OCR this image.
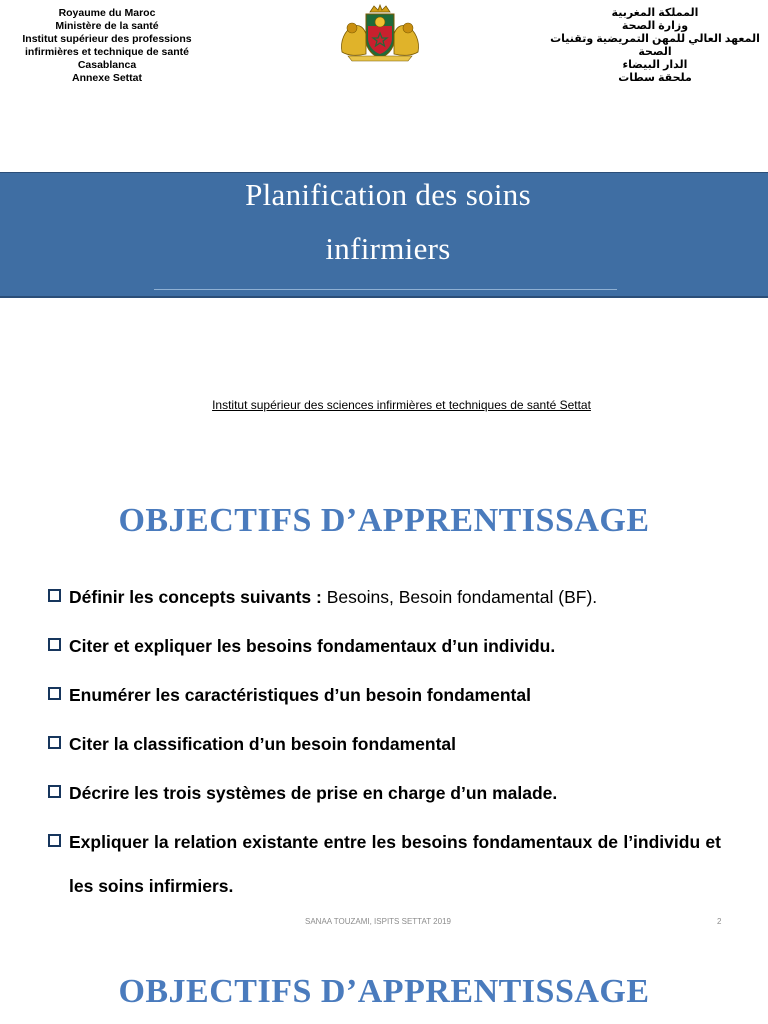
Royaume du Maroc
Ministère de la santé
Institut supérieur des professions
infirmières et technique de santé
Casablanca
Annexe Settat
المملكة المغربية
وزارة الصحة
المعهد العالي للمهن التمريضية وتقنيات
الصحة
الدار البيضاء
ملحقة سطات
Planification des soins
infirmiers
Institut supérieur des sciences infirmières et techniques de santé Settat
OBJECTIFS D’APPRENTISSAGE
Définir les concepts suivants : Besoins, Besoin fondamental (BF).
Citer et expliquer les besoins fondamentaux d’un individu.
Enumérer les caractéristiques d’un besoin fondamental
Citer la classification d’un besoin fondamental
Décrire les trois systèmes de prise en charge d’un malade.
Expliquer la relation existante entre les besoins fondamentaux de l’individu et les soins infirmiers.
SANAA TOUZAMI, ISPITS SETTAT 2019	2
OBJECTIFS D’APPRENTISSAGE
